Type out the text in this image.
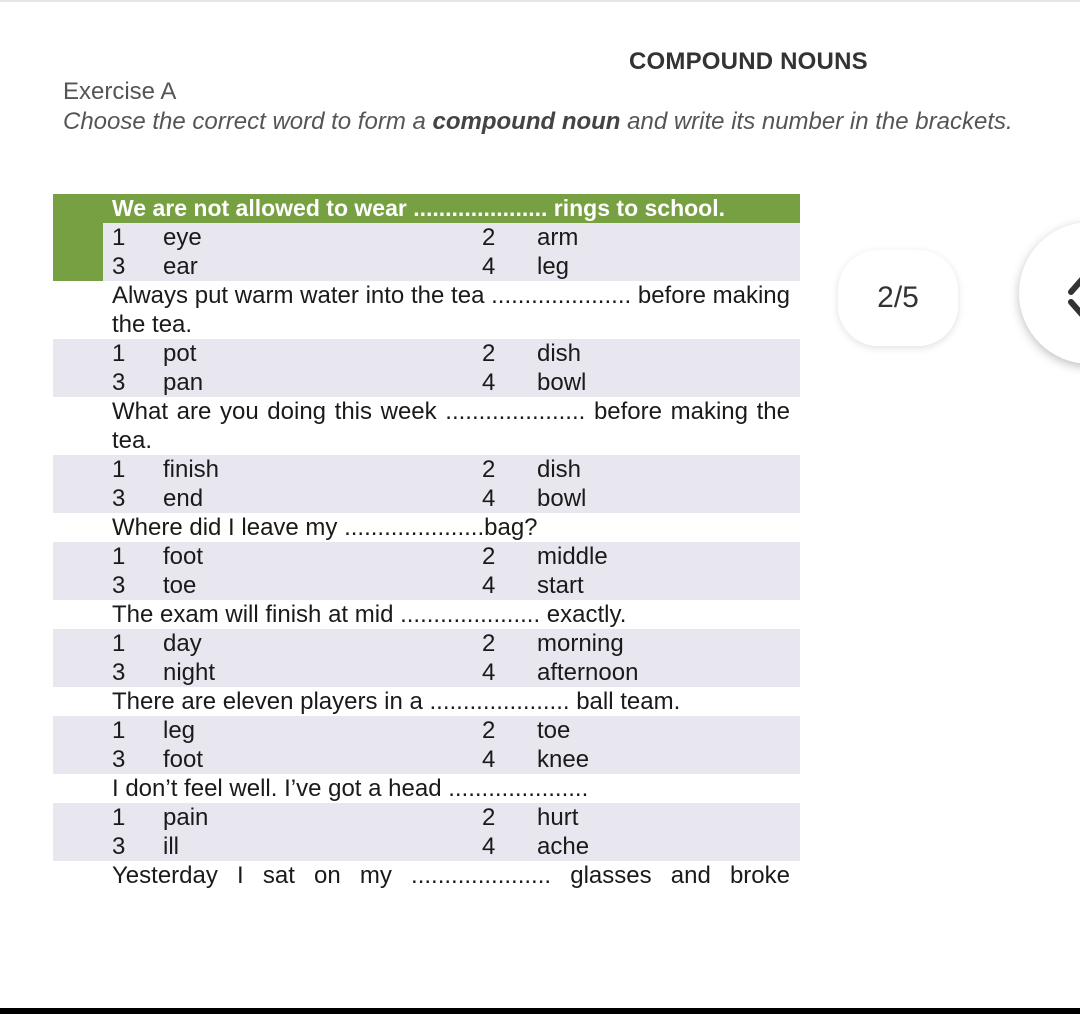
COMPOUND NOUNS
Exercise A
Choose the correct word to form a compound noun and write its number in the brackets.
We are not allowed to wear ..................... rings to school.
1 eye	2 arm
3 ear	4 leg
Always put warm water into the tea ..................... before making the tea.
1 pot	2 dish
3 pan	4 bowl
What are you doing this week ..................... before making the tea.
1 finish	2 dish
3 end	4 bowl
Where did I leave my .....................bag?
1 foot	2 middle
3 toe	4 start
The exam will finish at mid ..................... exactly.
1 day	2 morning
3 night	4 afternoon
There are eleven players in a ..................... ball team.
1 leg	2 toe
3 foot	4 knee
I don’t feel well. I’ve got a head .....................
1 pain	2 hurt
3 ill	4 ache
Yesterday I sat on my ..................... glasses and broke
2/5
